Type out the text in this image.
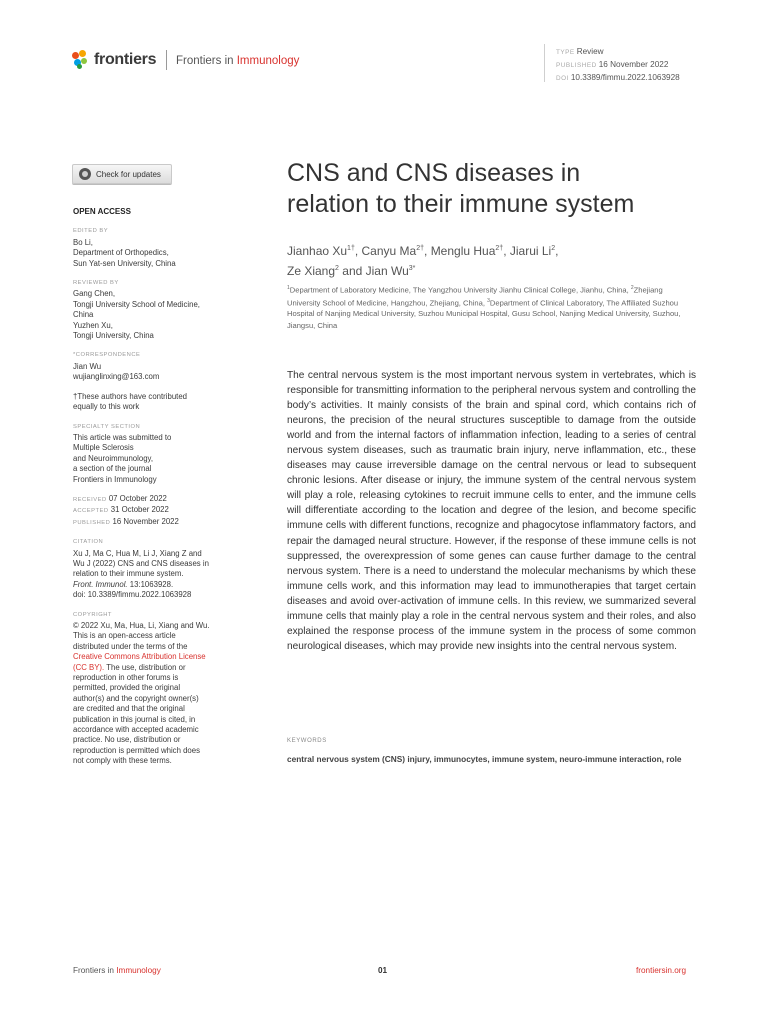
frontiers Frontiers in Immunology
TYPE Review
PUBLISHED 16 November 2022
DOI 10.3389/fimmu.2022.1063928
Check for updates
OPEN ACCESS
EDITED BY
Bo Li,
Department of Orthopedics,
Sun Yat-sen University, China
REVIEWED BY
Gang Chen,
Tongji University School of Medicine,
China
Yuzhen Xu,
Tongji University, China
*CORRESPONDENCE
Jian Wu
wujianglinxing@163.com
†These authors have contributed
equally to this work
SPECIALTY SECTION
This article was submitted to
Multiple Sclerosis
and Neuroimmunology,
a section of the journal
Frontiers in Immunology
RECEIVED 07 October 2022
ACCEPTED 31 October 2022
PUBLISHED 16 November 2022
CITATION
Xu J, Ma C, Hua M, Li J, Xiang Z and
Wu J (2022) CNS and CNS diseases in
relation to their immune system.
Front. Immunol. 13:1063928.
doi: 10.3389/fimmu.2022.1063928
COPYRIGHT
© 2022 Xu, Ma, Hua, Li, Xiang and Wu.
This is an open-access article
distributed under the terms of the
Creative Commons Attribution License
(CC BY). The use, distribution or
reproduction in other forums is
permitted, provided the original
author(s) and the copyright owner(s)
are credited and that the original
publication in this journal is cited, in
accordance with accepted academic
practice. No use, distribution or
reproduction is permitted which does
not comply with these terms.
CNS and CNS diseases in
relation to their immune system
Jianhao $Xu^{1\dagger}$, Canyu $Ma^{2\dagger}$, Menglu Hua$^{2\dagger}$, Jiarui Li$^2$,
Ze Xiang$^2$ and Jian $Wu^{3*}$
$^1$Department of Laboratory Medicine, The Yangzhou University Jianhu Clinical College, Jianhu, China, $^2$Zhejiang University School of Medicine, Hangzhou, Zhejiang, China, $^3$Department of Clinical Laboratory, The Affiliated Suzhou Hospital of Nanjing Medical University, Suzhou Municipal Hospital, Gusu School, Nanjing Medical University, Suzhou, Jiangsu, China
The central nervous system is the most important nervous system in vertebrates, which is responsible for transmitting information to the peripheral nervous system and controlling the body’s activities. It mainly consists of the brain and spinal cord, which contains rich of neurons, the precision of the neural structures susceptible to damage from the outside world and from the internal factors of inflammation infection, leading to a series of central nervous system diseases, such as traumatic brain injury, nerve inflammation, etc., these diseases may cause irreversible damage on the central nervous or lead to subsequent chronic lesions. After disease or injury, the immune system of the central nervous system will play a role, releasing cytokines to recruit immune cells to enter, and the immune cells will differentiate according to the location and degree of the lesion, and become specific immune cells with different functions, recognize and phagocytose inflammatory factors, and repair the damaged neural structure. However, if the response of these immune cells is not suppressed, the overexpression of some genes can cause further damage to the central nervous system. There is a need to understand the molecular mechanisms by which these immune cells work, and this information may lead to immunotherapies that target certain diseases and avoid over-activation of immune cells. In this review, we summarized several immune cells that mainly play a role in the central nervous system and their roles, and also explained the response process of the immune system in the process of some common neurological diseases, which may provide new insights into the central nervous system.
KEYWORDS
central nervous system (CNS) injury, immunocytes, immune system, neuro-immune interaction, role
Frontiers in Immunology	01	frontiersin.org
